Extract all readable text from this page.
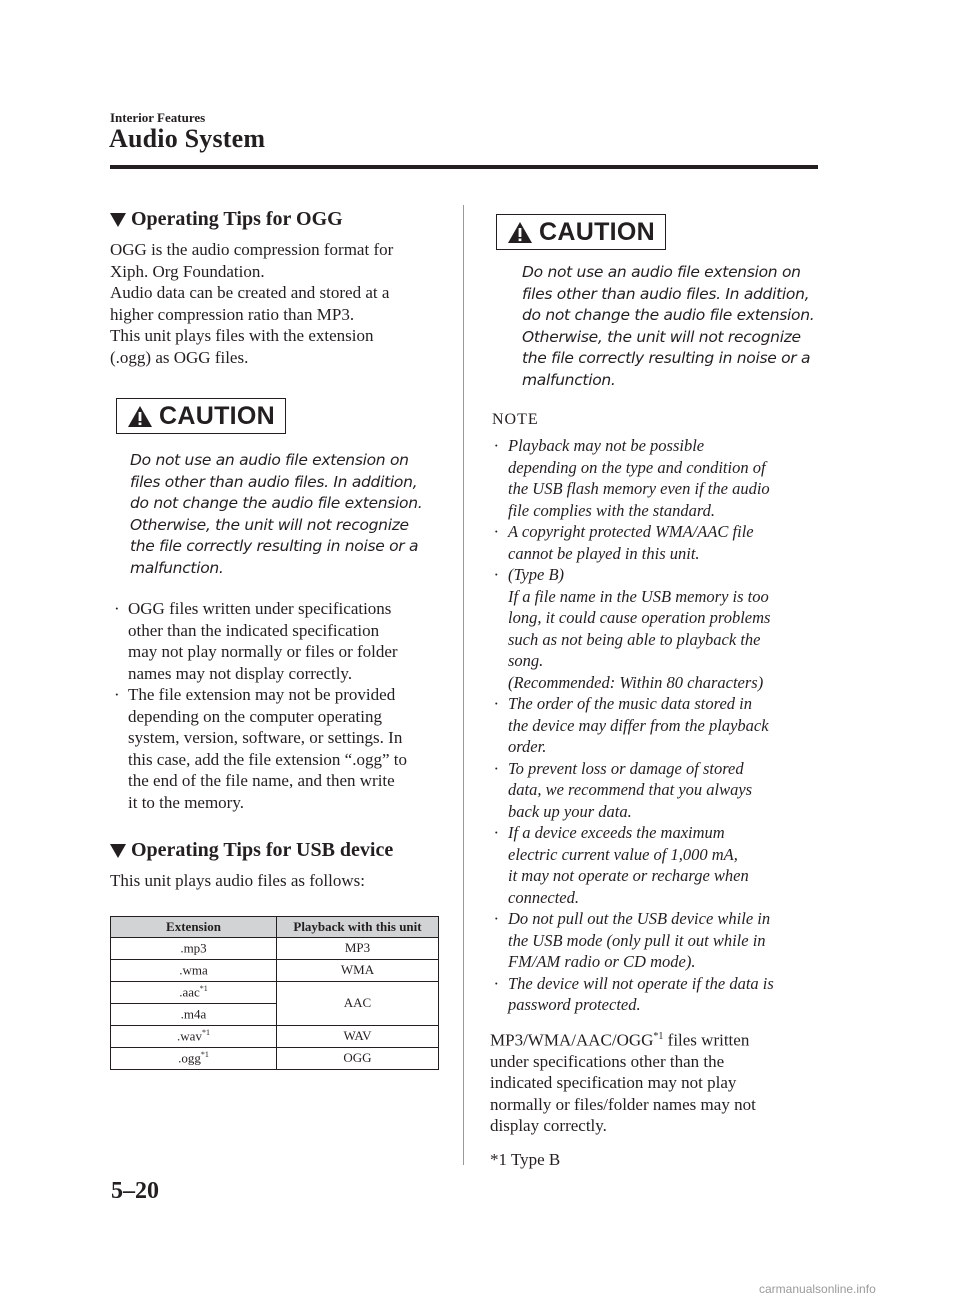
Interior Features
Audio System
Operating Tips for OGG
OGG is the audio compression format for
Xiph. Org Foundation.
Audio data can be created and stored at a
higher compression ratio than MP3.
This unit plays files with the extension
(.ogg) as OGG files.
CAUTION
Do not use an audio file extension on
files other than audio files. In addition,
do not change the audio file extension.
Otherwise, the unit will not recognize
the file correctly resulting in noise or a
malfunction.
· OGG files written under specifications
other than the indicated specification
may not play normally or files or folder
names may not display correctly.
· The file extension may not be provided
depending on the computer operating
system, version, software, or settings. In
this case, add the file extension “.ogg” to
the end of the file name, and then write
it to the memory.
Operating Tips for USB device
This unit plays audio files as follows:
Extension	Playback with this unit
.mp3	MP3
.wma	WMA
.aac$^{*1}$	AAC
.m4a	
.wav$^{*1}$	WAV
.ogg$^{*1}$	OGG
CAUTION
Do not use an audio file extension on
files other than audio files. In addition,
do not change the audio file extension.
Otherwise, the unit will not recognize
the file correctly resulting in noise or a
malfunction.
NOTE
· Playback may not be possible
depending on the type and condition of
the USB flash memory even if the audio
file complies with the standard.
· A copyright protected WMA/AAC file
cannot be played in this unit.
· (Type B)
If a file name in the USB memory is too
long, it could cause operation problems
such as not being able to playback the
song.
(Recommended: Within 80 characters)
· The order of the music data stored in
the device may differ from the playback
order.
· To prevent loss or damage of stored
data, we recommend that you always
back up your data.
· If a device exceeds the maximum
electric current value of 1,000 mA,
it may not operate or recharge when
connected.
· Do not pull out the USB device while in
the USB mode (only pull it out while in
FM/AM radio or CD mode).
· The device will not operate if the data is
password protected.
MP3/WMA/AAC/OGG$^{*1}$ files written
under specifications other than the
indicated specification may not play
normally or files/folder names may not
display correctly.
*1 Type B
5–20
carmanualsonline.info
